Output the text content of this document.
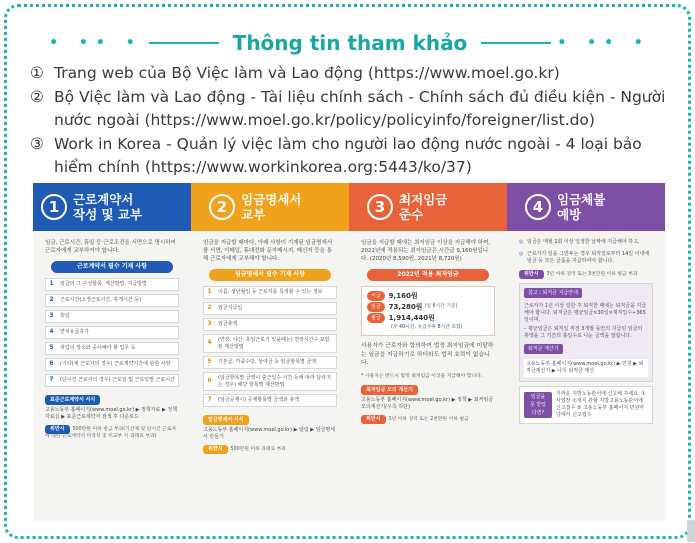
• •• •	Thông tin tham khảo	• •• •
① Trang web của Bộ Việc làm và Lao động (https://www.moel.go.kr)
② Bộ Việc làm và Lao động - Tài liệu chính sách - Chính sách đủ điều kiện - Người nước ngoài (https://www.moel.go.kr/policy/policyinfo/foreigner/list.do)
③ Work in Korea - Quản lý việc làm cho người lao động nước ngoài - 4 loại bảo hiểm chính (https://www.workinkorea.org:5443/ko/37)
1	근로계약서
작성 및 교부
임금, 근로시간, 휴일 등 근로조건을 서면으로 명시하여 근로자에게 교부하여야 합니다.
근로계약서 필수 기재 사항
1	임금의 그 구성항목, 계산방법, 지급방법
2	근로시간(소정근로시간, 휴게시간 등)
3	휴일
4	연차유급휴가
5	취업의 장소와 종사해야 할 업무 등
6	(기타)재 근로자의 경우) 근로계약기간에 관한 사항
7	(단시간 근로자의 경우) 근로일 및 근로일별 근로시간
표준근로계약서 서식
고용노동부 홈페이지(www.moel.go.kr) ▶ 정책자료 ▶ 정책자료실 ▶ 표준근로계약서 검색 후 다운로드
위반시 500만원 이하 벌금 부과(기간제 및 단시간 근로자에 대한 근로계약서 미작성 및 미교부 시 과태료 부과)
2	임금명세서
교부
임금을 지급할 때마다, 아래 사항이 기재된 임금명세서를 서면, 이메일, 휴대전화 문자메시지, 메신저 등을 통해 근로자에게 교부해야 합니다.
임금명세서 필수 기재 사항
1	이름, 생년월일 등 근로자를 특정할 수 있는 정보
2	임금지급일
3	임금총액
4	(연장, 야간, 휴일근로가 있을때는) 연장시간수 포함된 계산방법
5	기본급, 각종수당, 상여금 등 임금항목별 금액
6	(임금항목별 금액이 출근일수·시간 등에 따라 달라지는 경우) 해당 항목별 계산방법
7	(임금공제시) 공제항목별 금액과 총액
임금명세서 서식
고용노동부 홈페이지(www.moel.go.kr) ▶ 알림 ▶ 임금명세서 만들기
위반시 500만원 이하 과태료 부과
3	최저임금
준수
임금을 지급할 때에는 최저임금 이상을 지급해야 하며, 2022년에 적용되는 최저임금은 시간급 9,160원입니다. (2020년 8,590원, 2021년 8,720원)
2022년 적용 최저임금
시급	9,160원
일급	73,280원 (일 8시간 기준)
월급	1,914,440원
(주 40시간, 유급주휴 8시간 포함)
사용자가 근로자와 합의하여 법정 최저임금에 미달하는 임금을 지급하기로 하더라도 법적 효력이 없습니다.
* 사용자는 반드시 법정 최저임금 이상을 지급해야 합니다.
최저임금 모의 계산기
고용노동부 홈페이지(www.moel.go.kr) ▶ 정책 ▶ 최저임금 모의계산기(우측 하단)
위반시 3년 이하 징역 또는 2천만원 이하 벌금
4	임금체불
예방
◎ 임금은 매월 1회 이상 일정한 날짜에 지급해야 하고,
◎ 근로자가 일을 그만두는 경우 퇴직일로부터 14일 이내에 임금 등 모든 금품을 지급하여야 합니다.
위반시 3년 이하 징역 또는 3천만원 이하 벌금 부과
참고 : 퇴직금 지급안내
근로자가 1년 이상 일한 후 퇴직한 때에는 퇴직금을 지급해야 합니다. 퇴직금은 평균임금×30일×재직일수÷365일이며,
– 평균임금은 퇴직일 직전 3개월 동안의 지급된 임금의 총액을 그 기간의 총일수로 나눈 금액을 말합니다.
퇴직금 계산기
고용노동부 홈페이지(www.moel.go.kr) ▶ 민원 ▶ 퇴직금계산기 ▶ 나의 퇴직금 계산
임금을 못 받았다면?
가까운 지방노동관서에 신고해 주세요. ① 사업장 소재지 관할 지방고용노동관서에 신고접수 ② 고용노동부 홈페이지 민원마당에서 신고접수
